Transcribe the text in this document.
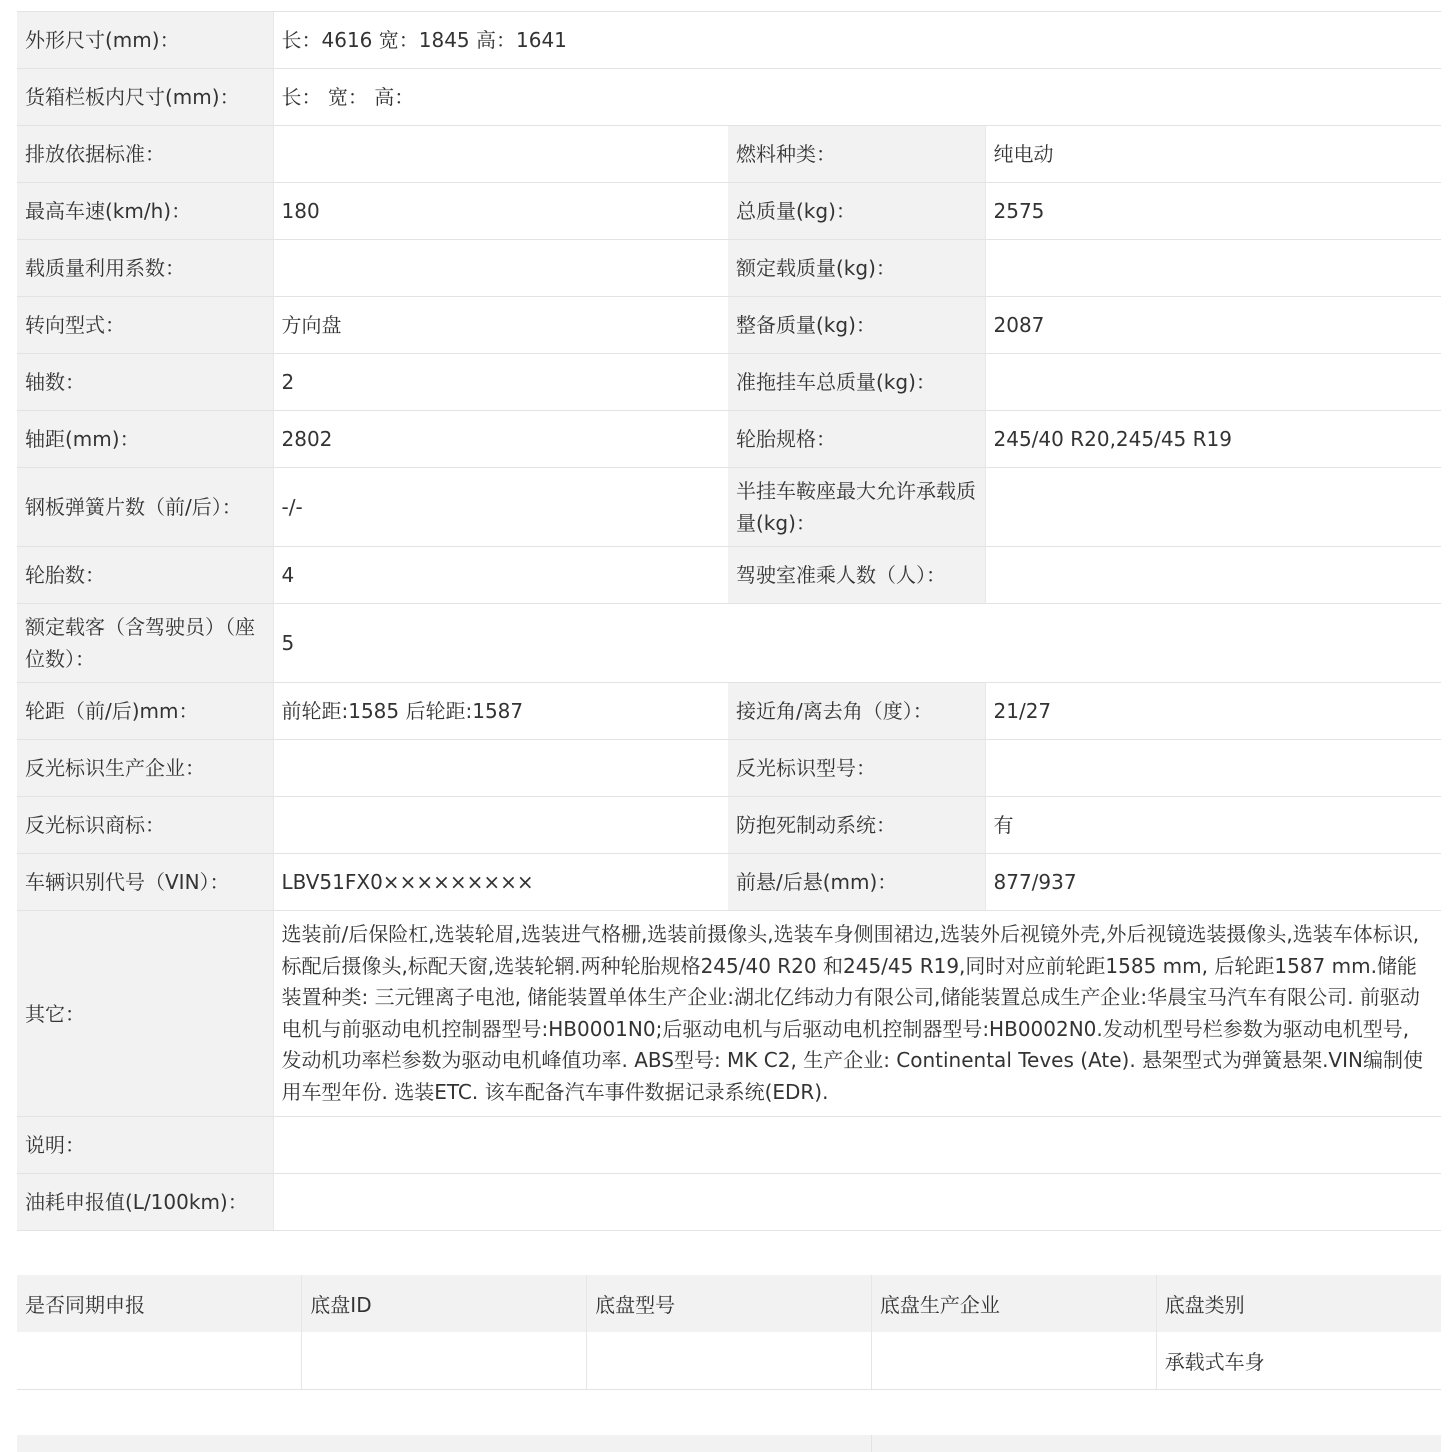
外形尺寸(mm)：	长：4616 宽：1845 高：1641		
货箱栏板内尺寸(mm)：	长： 宽： 高：		
排放依据标准：		燃料种类：	纯电动
最高车速(km/h)：	180	总质量(kg)：	2575
载质量利用系数：		额定载质量(kg)：	
转向型式：	方向盘	整备质量(kg)：	2087
轴数：	2	准拖挂车总质量(kg)：	
轴距(mm)：	2802	轮胎规格：	245/40 R20,245/45 R19
钢板弹簧片数（前/后）：	-/-	半挂车鞍座最大允许承载质量(kg)：	
轮胎数：	4	驾驶室准乘人数（人）：	
额定载客（含驾驶员）（座位数）：	5		
轮距（前/后)mm：	前轮距:1585 后轮距:1587	接近角/离去角（度）：	21/27
反光标识生产企业：		反光标识型号：	
反光标识商标：		防抱死制动系统：	有
车辆识别代号（VIN）：	LBV51FX0×××××××××	前悬/后悬(mm)：	877/937
其它：	选装前/后保险杠,选装轮眉,选装进气格栅,选装前摄像头,选装车身侧围裙边,选装外后视镜外壳,外后视镜选装摄像头,选装车体标识,标配后摄像头,标配天窗,选装轮辋.两种轮胎规格245/40 R20 和245/45 R19,同时对应前轮距1585 mm, 后轮距1587 mm.储能装置种类: 三元锂离子电池, 储能装置单体生产企业:湖北亿纬动力有限公司,储能装置总成生产企业:华晨宝马汽车有限公司. 前驱动电机与前驱动电机控制器型号:HB0001N0;后驱动电机与后驱动电机控制器型号:HB0002N0.发动机型号栏参数为驱动电机型号, 发动机功率栏参数为驱动电机峰值功率. ABS型号: MK C2, 生产企业: Continental Teves (Ate). 悬架型式为弹簧悬架.VIN编制使用车型年份. 选装ETC. 该车配备汽车事件数据记录系统(EDR).		
说明：			
油耗申报值(L/100km)：			
是否同期申报	底盘ID	底盘型号	底盘生产企业	底盘类别
				承载式车身
